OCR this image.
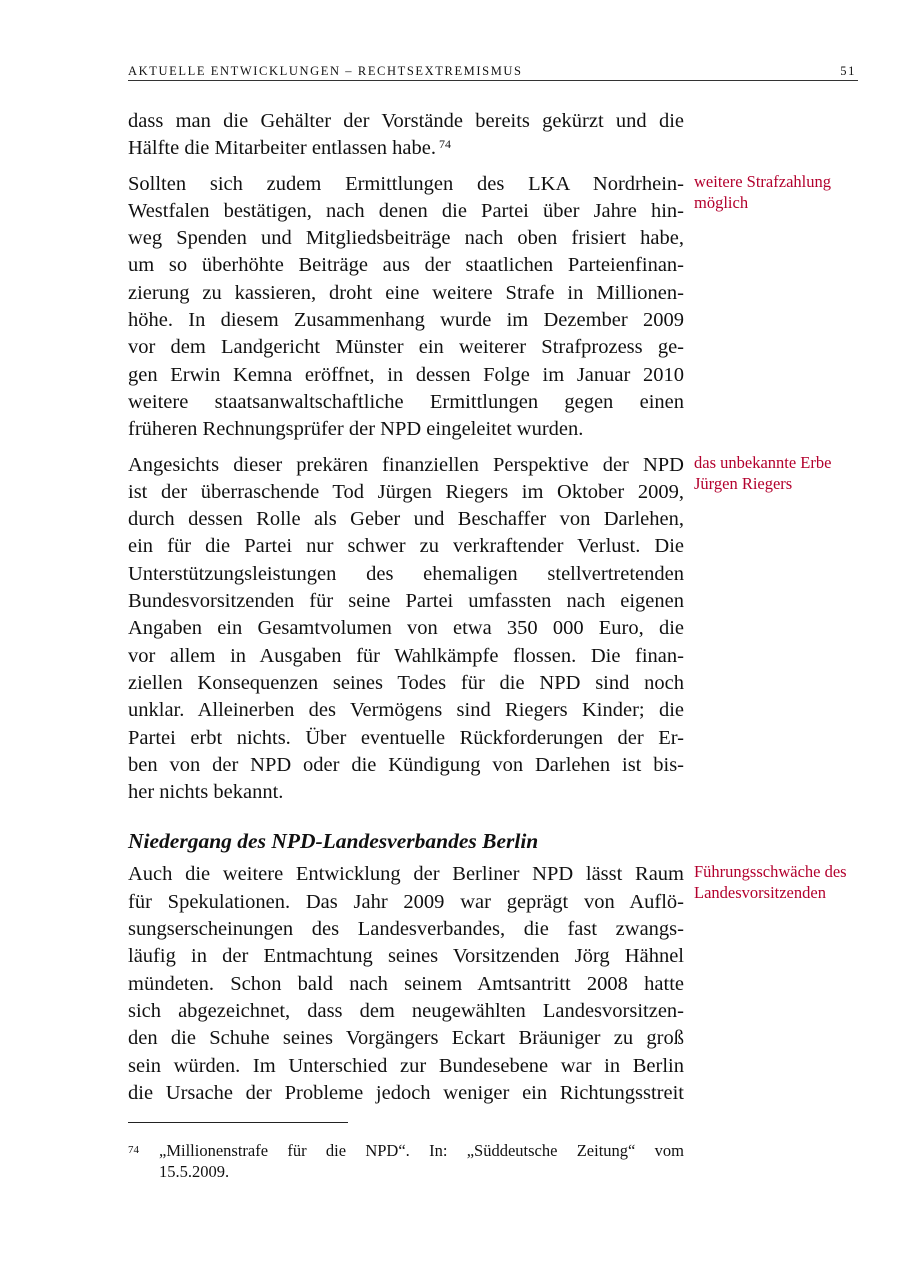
AKTUELLE ENTWICKLUNGEN – RECHTSEXTREMISMUS	51
dass man die Gehälter der Vorstände bereits gekürzt und die
Hälfte die Mitarbeiter entlassen habe. $^{74}$
weitere Strafzahlung
möglich
Sollten sich zudem Ermittlungen des LKA Nordrhein-
Westfalen bestätigen, nach denen die Partei über Jahre hin-
weg Spenden und Mitgliedsbeiträge nach oben frisiert habe,
um so überhöhte Beiträge aus der staatlichen Parteienfinan-
zierung zu kassieren, droht eine weitere Strafe in Millionen-
höhe. In diesem Zusammenhang wurde im Dezember 2009
vor dem Landgericht Münster ein weiterer Strafprozess ge-
gen Erwin Kemna eröffnet, in dessen Folge im Januar 2010
weitere staatsanwaltschaftliche Ermittlungen gegen einen
früheren Rechnungsprüfer der NPD eingeleitet wurden.
das unbekannte Erbe
Jürgen Riegers
Angesichts dieser prekären finanziellen Perspektive der NPD
ist der überraschende Tod Jürgen Riegers im Oktober 2009,
durch dessen Rolle als Geber und Beschaffer von Darlehen,
ein für die Partei nur schwer zu verkraftender Verlust. Die
Unterstützungsleistungen des ehemaligen stellvertretenden
Bundesvorsitzenden für seine Partei umfassten nach eigenen
Angaben ein Gesamtvolumen von etwa 350 000 Euro, die
vor allem in Ausgaben für Wahlkämpfe flossen. Die finan-
ziellen Konsequenzen seines Todes für die NPD sind noch
unklar. Alleinerben des Vermögens sind Riegers Kinder; die
Partei erbt nichts. Über eventuelle Rückforderungen der Er-
ben von der NPD oder die Kündigung von Darlehen ist bis-
her nichts bekannt.
Niedergang des NPD-Landesverbandes Berlin
Führungsschwäche des
Landesvorsitzenden
Auch die weitere Entwicklung der Berliner NPD lässt Raum
für Spekulationen. Das Jahr 2009 war geprägt von Auflö-
sungserscheinungen des Landesverbandes, die fast zwangs-
läufig in der Entmachtung seines Vorsitzenden Jörg Hähnel
mündeten. Schon bald nach seinem Amtsantritt 2008 hatte
sich abgezeichnet, dass dem neugewählten Landesvorsitzen-
den die Schuhe seines Vorgängers Eckart Bräuniger zu groß
sein würden. Im Unterschied zur Bundesebene war in Berlin
die Ursache der Probleme jedoch weniger ein Richtungsstreit
74 „Millionenstrafe für die NPD“. In: „Süddeutsche Zeitung“ vom
15.5.2009.
